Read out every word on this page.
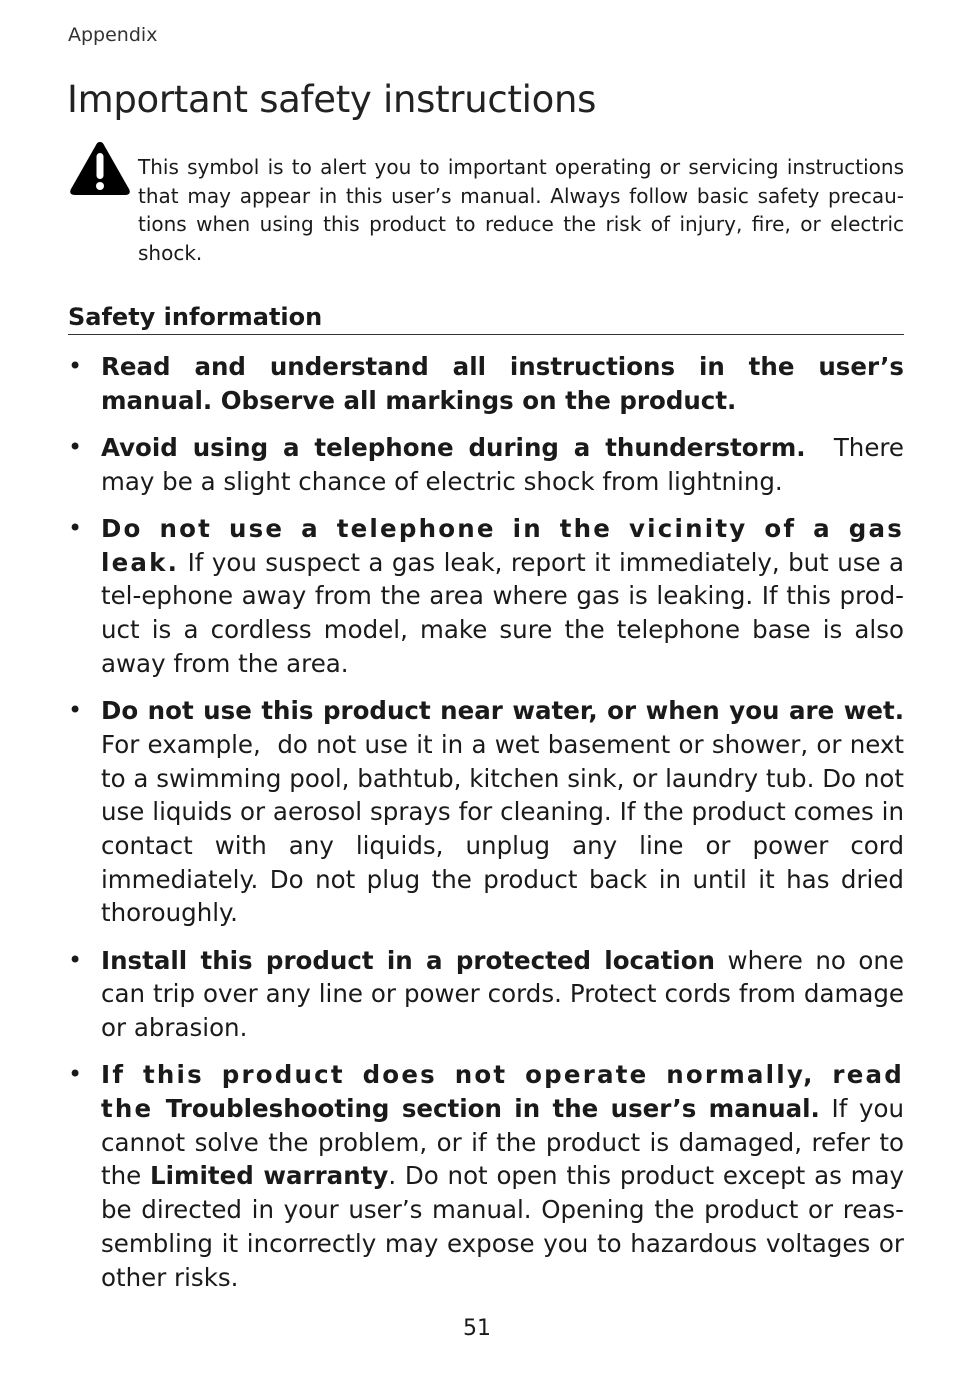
Appendix
Important safety instructions

This symbol is to alert you to important operating or servicing instructions that may appear in this user’s manual. Always follow basic safety precau-tions when using this product to reduce the risk of injury, fire, or electric shock.

Safety information
• Read and understand all instructions in the user’s manual. Observe all markings on the product.
• Avoid using a telephone during a thunderstorm.  There may be a slight chance of electric shock from lightning.
• Do not use a telephone in the vicinity of a gas leak. If you suspect a gas leak, report it immediately, but use a tel-ephone away from the area where gas is leaking. If this prod-uct is a cordless model, make sure the telephone base is also away from the area.
• Do not use this product near water, or when you are wet. For example,  do not use it in a wet basement or shower, or next to a swimming pool, bathtub, kitchen sink, or laundry tub. Do not use liquids or aerosol sprays for cleaning. If the product comes in contact with any liquids, unplug any line or power cord immediately. Do not plug the product back in until it has dried thoroughly.
• Install this product in a protected location where no one can trip over any line or power cords. Protect cords from damage or abrasion.
• If this product does not operate normally, read the Troubleshooting section in the user’s manual. If you cannot solve the problem, or if the product is damaged, refer to the Limited warranty. Do not open this product except as may be directed in your user’s manual. Opening the product or reas-sembling it incorrectly may expose you to hazardous voltages or other risks.
51
